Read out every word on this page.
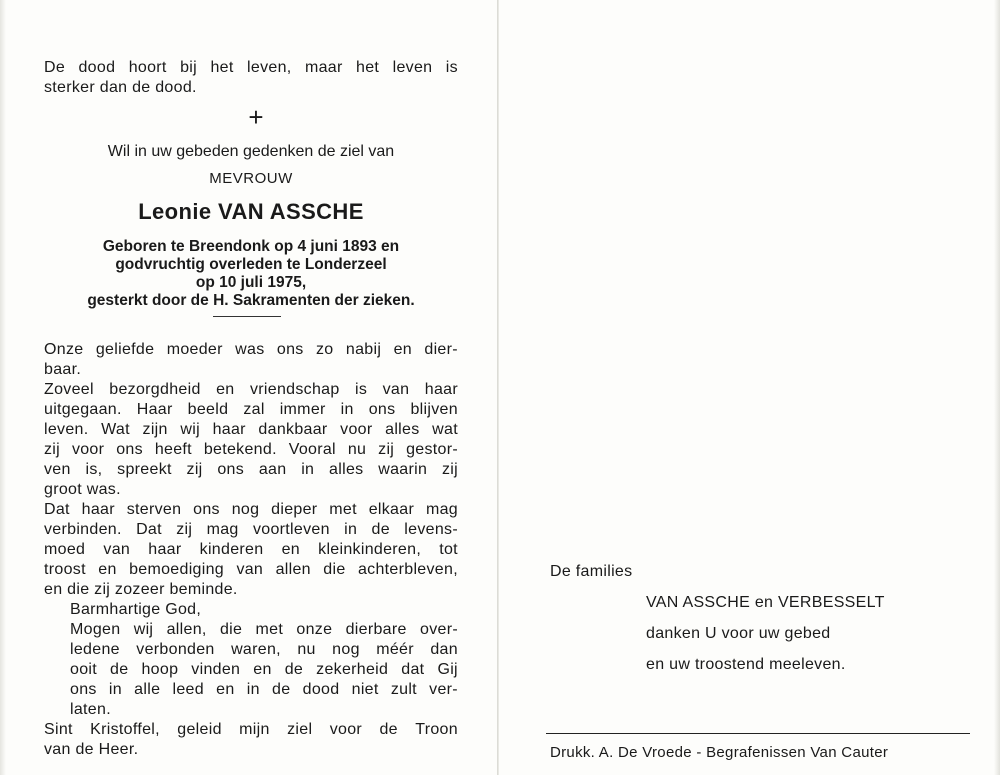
De dood hoort bij het leven, maar het leven is
sterker dan de dood.
+
Wil in uw gebeden gedenken de ziel van
MEVROUW
Leonie VAN ASSCHE
Geboren te Breendonk op 4 juni 1893 en
godvruchtig overleden te Londerzeel
op 10 juli 1975,
gesterkt door de H. Sakramenten der zieken.
Onze geliefde moeder was ons zo nabij en dier-
baar.
Zoveel bezorgdheid en vriendschap is van haar
uitgegaan. Haar beeld zal immer in ons blijven
leven. Wat zijn wij haar dankbaar voor alles wat
zij voor ons heeft betekend. Vooral nu zij gestor-
ven is, spreekt zij ons aan in alles waarin zij
groot was.
Dat haar sterven ons nog dieper met elkaar mag
verbinden. Dat zij mag voortleven in de levens-
moed van haar kinderen en kleinkinderen, tot
troost en bemoediging van allen die achterbleven,
en die zij zozeer beminde.
Barmhartige God,
Mogen wij allen, die met onze dierbare over-
ledene verbonden waren, nu nog méér dan
ooit de hoop vinden en de zekerheid dat Gij
ons in alle leed en in de dood niet zult ver-
laten.
Sint Kristoffel, geleid mijn ziel voor de Troon
van de Heer.
De families
VAN ASSCHE en VERBESSELT
danken U voor uw gebed
en uw troostend meeleven.
Drukk. A. De Vroede - Begrafenissen Van Cauter
